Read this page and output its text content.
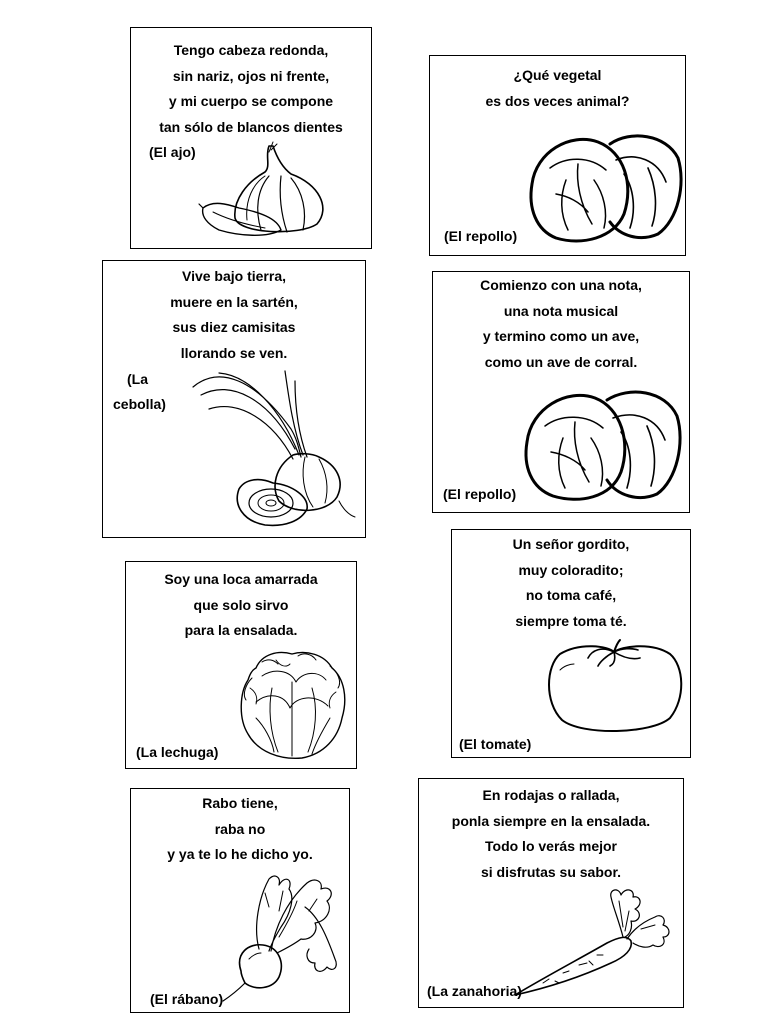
Tengo cabeza redonda,
sin nariz, ojos ni frente,
y mi cuerpo se compone
tan sólo de blancos dientes
(El ajo)
¿Qué vegetal
es dos veces animal?
(El repollo)
Vive bajo tierra,
muere en la sartén,
sus diez camisitas
llorando se ven.
(La
cebolla)
Comienzo con una nota,
una nota musical
y termino como un ave,
como un ave de corral.
(El repollo)
Soy una loca amarrada
que solo sirvo
para la ensalada.
(La lechuga)
Un señor gordito,
muy coloradito;
no toma café,
siempre toma té.
(El tomate)
Rabo tiene,
raba no
y ya te lo he dicho yo.
(El rábano)
En rodajas o rallada,
ponla siempre en la ensalada.
Todo lo verás mejor
si disfrutas su sabor.
(La zanahoria)
